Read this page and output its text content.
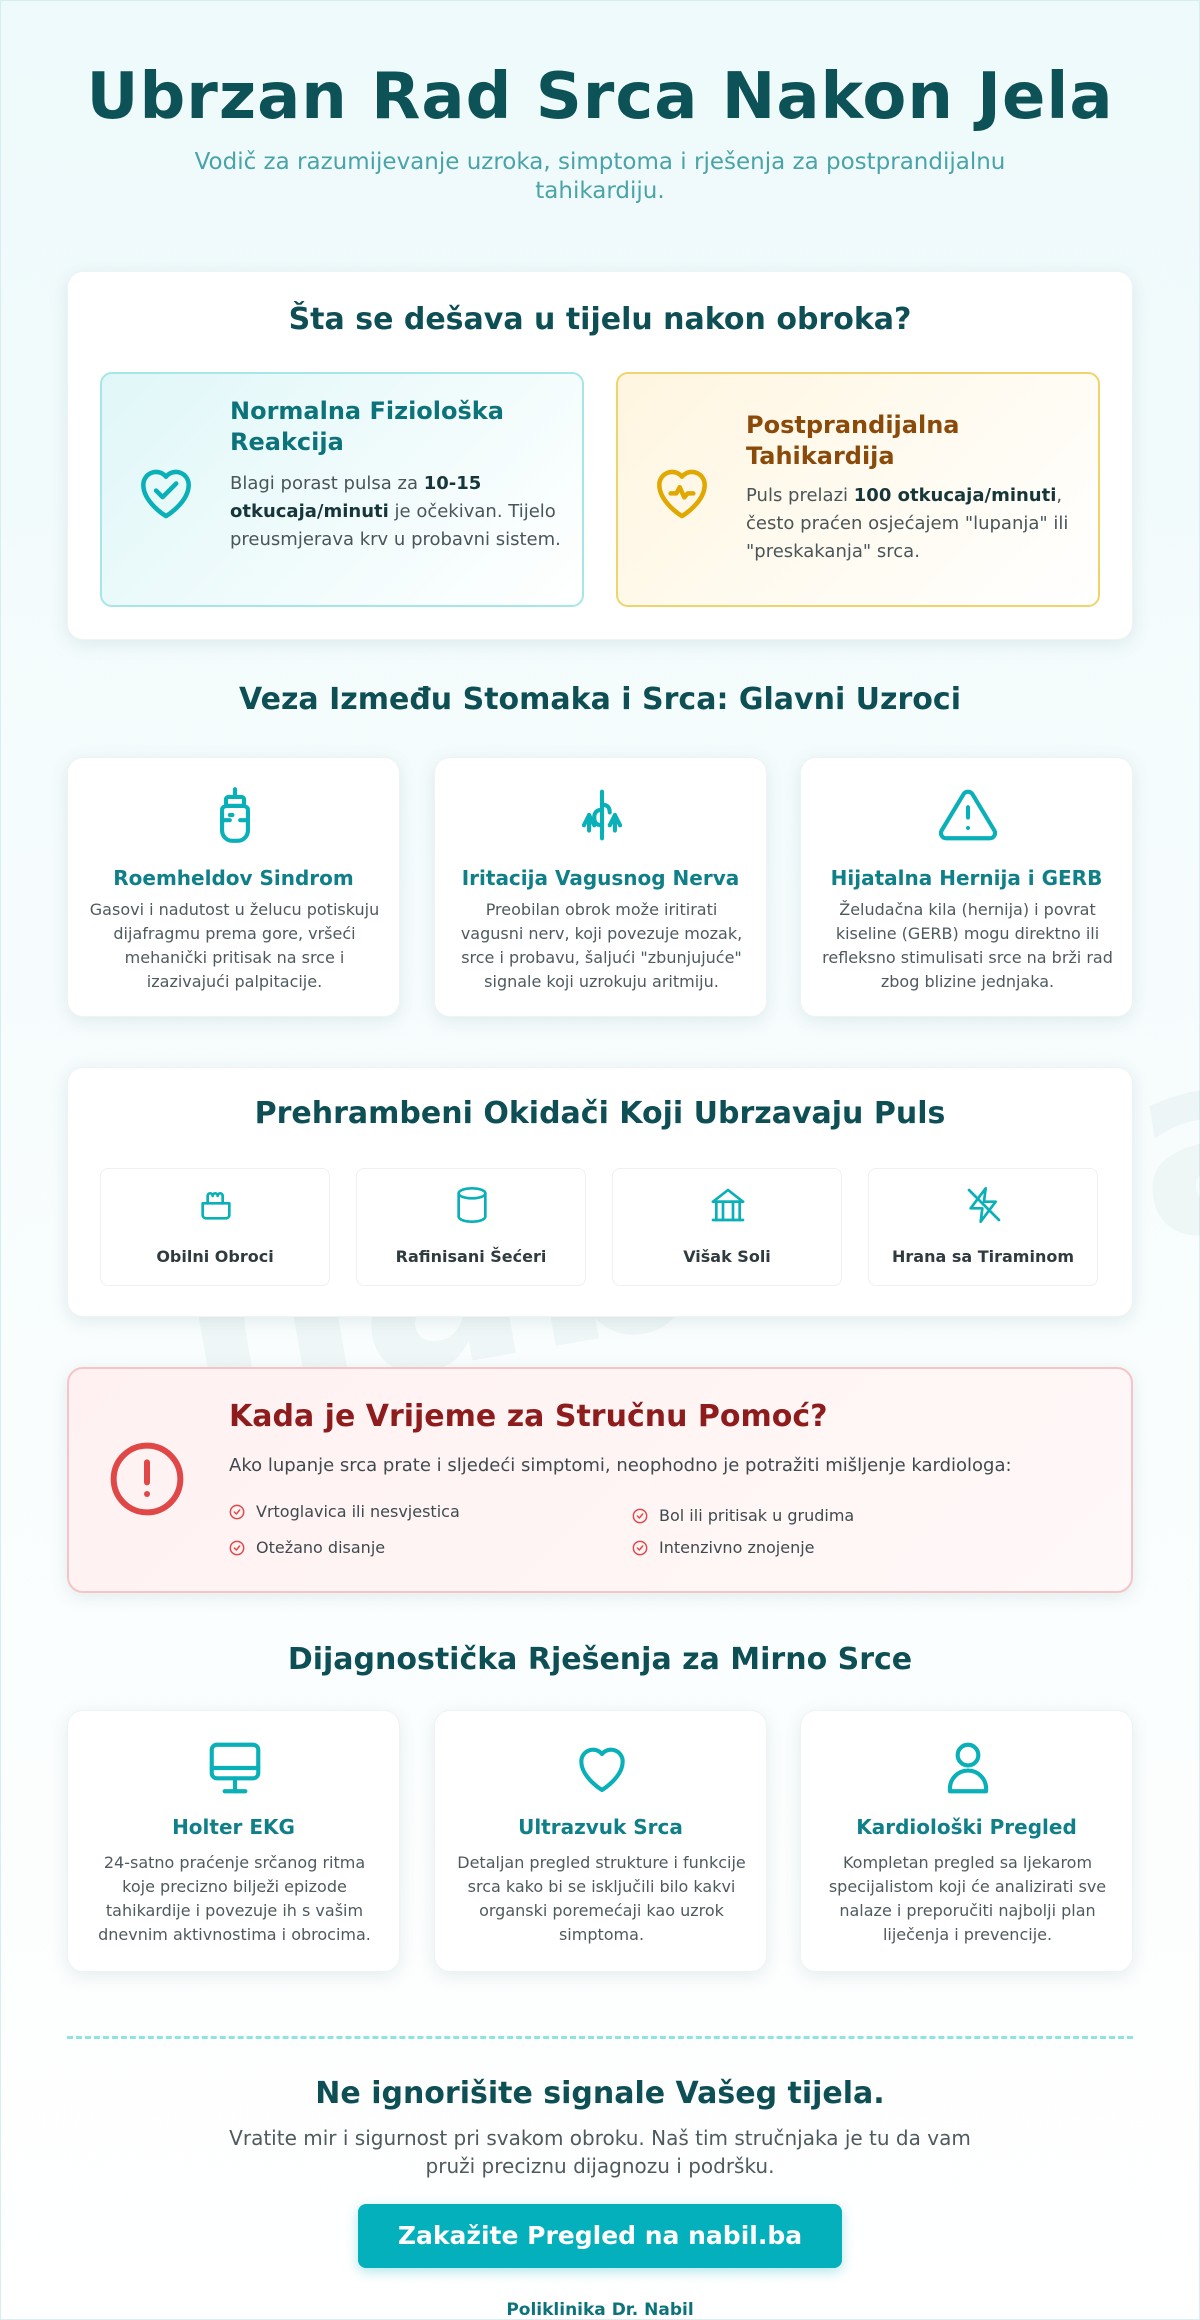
Ubrzan Rad Srca Nakon Jela
Vodič za razumijevanje uzroka, simptoma i rješenja za postprandijalnu tahikardiju.
Šta se dešava u tijelu nakon obroka?
Normalna Fiziološka Reakcija
Blagi porast pulsa za 10-15 otkucaja/minuti je očekivan. Tijelo preusmjerava krv u probavni sistem.
Postprandijalna Tahikardija
Puls prelazi 100 otkucaja/minuti, često praćen osjećajem "lupanja" ili "preskakanja" srca.
Veza Između Stomaka i Srca: Glavni Uzroci
Roemheldov Sindrom
Gasovi i nadutost u želucu potiskuju dijafragmu prema gore, vršeći mehanički pritisak na srce i izazivajući palpitacije.
Iritacija Vagusnog Nerva
Preobilan obrok može iritirati vagusni nerv, koji povezuje mozak, srce i probavu, šaljući "zbunjujuće" signale koji uzrokuju aritmiju.
Hijatalna Hernija i GERB
Želudačna kila (hernija) i povrat kiseline (GERB) mogu direktno ili refleksno stimulisati srce na brži rad zbog blizine jednjaka.
Prehrambeni Okidači Koji Ubrzavaju Puls
Obilni Obroci	Rafinisani Šećeri	Višak Soli	Hrana sa Tiraminom
Kada je Vrijeme za Stručnu Pomoć?
Ako lupanje srca prate i sljedeći simptomi, neophodno je potražiti mišljenje kardiologa:
Vrtoglavica ili nesvjestica	Bol ili pritisak u grudima
Otežano disanje	Intenzivno znojenje
Dijagnostička Rješenja za Mirno Srce
Holter EKG
24-satno praćenje srčanog ritma koje precizno bilježi epizode tahikardije i povezuje ih s vašim dnevnim aktivnostima i obrocima.
Ultrazvuk Srca
Detaljan pregled strukture i funkcije srca kako bi se isključili bilo kakvi organski poremećaji kao uzrok simptoma.
Kardiološki Pregled
Kompletan pregled sa ljekarom specijalistom koji će analizirati sve nalaze i preporučiti najbolji plan liječenja i prevencije.
Ne ignorišite signale Vašeg tijela.
Vratite mir i sigurnost pri svakom obroku. Naš tim stručnjaka je tu da vam pruži preciznu dijagnozu i podršku.
Zakažite Pregled na nabil.ba
Poliklinika Dr. Nabil
